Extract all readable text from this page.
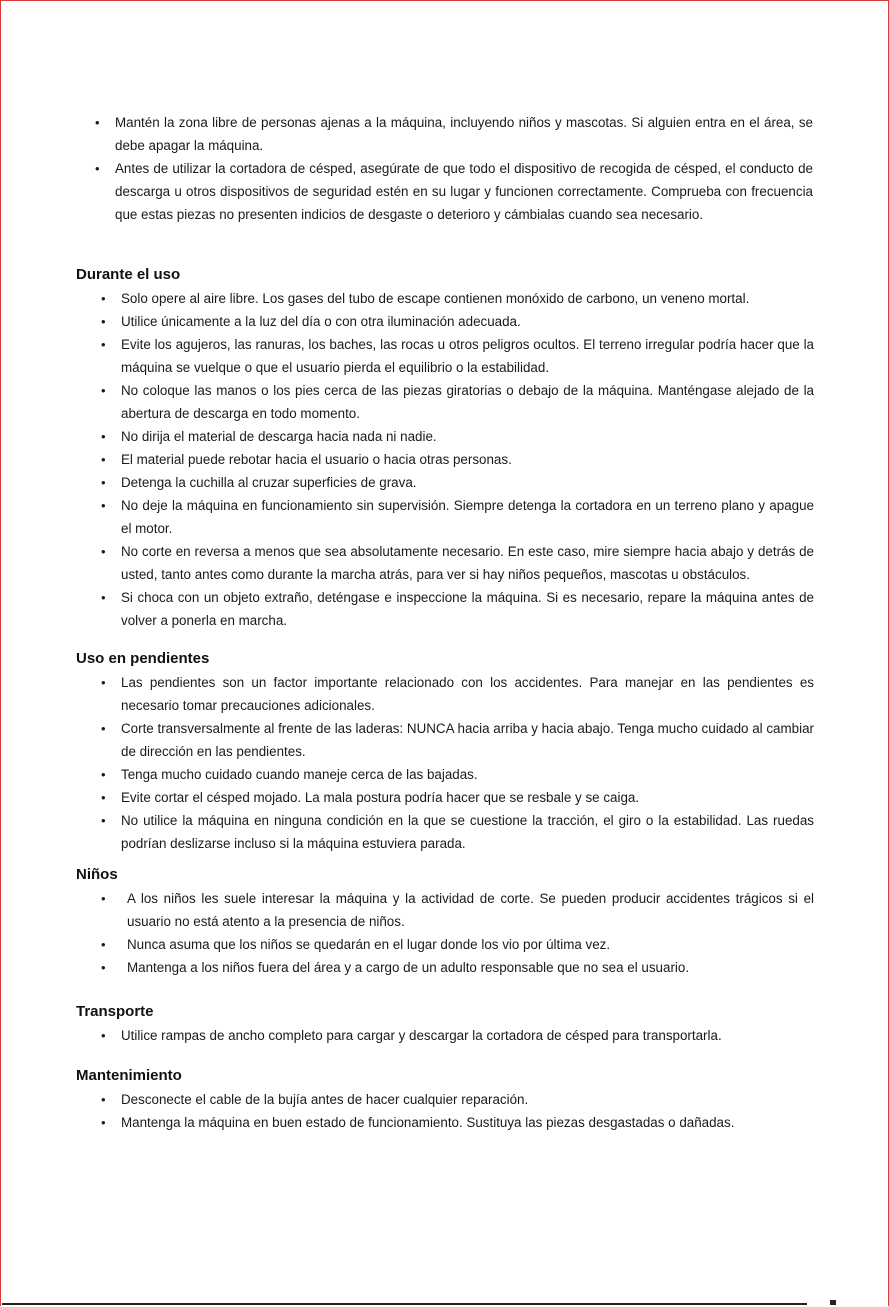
• Mantén la zona libre de personas ajenas a la máquina, incluyendo niños y mascotas. Si alguien entra en el área, se debe apagar la máquina.
• Antes de utilizar la cortadora de césped, asegúrate de que todo el dispositivo de recogida de césped, el conducto de descarga u otros dispositivos de seguridad estén en su lugar y funcionen correctamente. Comprueba con frecuencia que estas piezas no presenten indicios de desgaste o deterioro y cámbialas cuando sea necesario.
Durante el uso
• Solo opere al aire libre. Los gases del tubo de escape contienen monóxido de carbono, un veneno mortal.
• Utilice únicamente a la luz del día o con otra iluminación adecuada.
• Evite los agujeros, las ranuras, los baches, las rocas u otros peligros ocultos. El terreno irregular podría hacer que la máquina se vuelque o que el usuario pierda el equilibrio o la estabilidad.
• No coloque las manos o los pies cerca de las piezas giratorias o debajo de la máquina. Manténgase alejado de la abertura de descarga en todo momento.
• No dirija el material de descarga hacia nada ni nadie.
• El material puede rebotar hacia el usuario o hacia otras personas.
• Detenga la cuchilla al cruzar superficies de grava.
• No deje la máquina en funcionamiento sin supervisión. Siempre detenga la cortadora en un terreno plano y apague el motor.
• No corte en reversa a menos que sea absolutamente necesario. En este caso, mire siempre hacia abajo y detrás de usted, tanto antes como durante la marcha atrás, para ver si hay niños pequeños, mascotas u obstáculos.
• Si choca con un objeto extraño, deténgase e inspeccione la máquina. Si es necesario, repare la máquina antes de volver a ponerla en marcha.
Uso en pendientes
• Las pendientes son un factor importante relacionado con los accidentes. Para manejar en las pendientes es necesario tomar precauciones adicionales.
• Corte transversalmente al frente de las laderas: NUNCA hacia arriba y hacia abajo. Tenga mucho cuidado al cambiar de dirección en las pendientes.
• Tenga mucho cuidado cuando maneje cerca de las bajadas.
• Evite cortar el césped mojado. La mala postura podría hacer que se resbale y se caiga.
• No utilice la máquina en ninguna condición en la que se cuestione la tracción, el giro o la estabilidad. Las ruedas podrían deslizarse incluso si la máquina estuviera parada.
Niños
• A los niños les suele interesar la máquina y la actividad de corte. Se pueden producir accidentes trágicos si el usuario no está atento a la presencia de niños.
• Nunca asuma que los niños se quedarán en el lugar donde los vio por última vez.
• Mantenga a los niños fuera del área y a cargo de un adulto responsable que no sea el usuario.
Transporte
• Utilice rampas de ancho completo para cargar y descargar la cortadora de césped para transportarla.
Mantenimiento
• Desconecte el cable de la bujía antes de hacer cualquier reparación.
• Mantenga la máquina en buen estado de funcionamiento. Sustituya las piezas desgastadas o dañadas.
